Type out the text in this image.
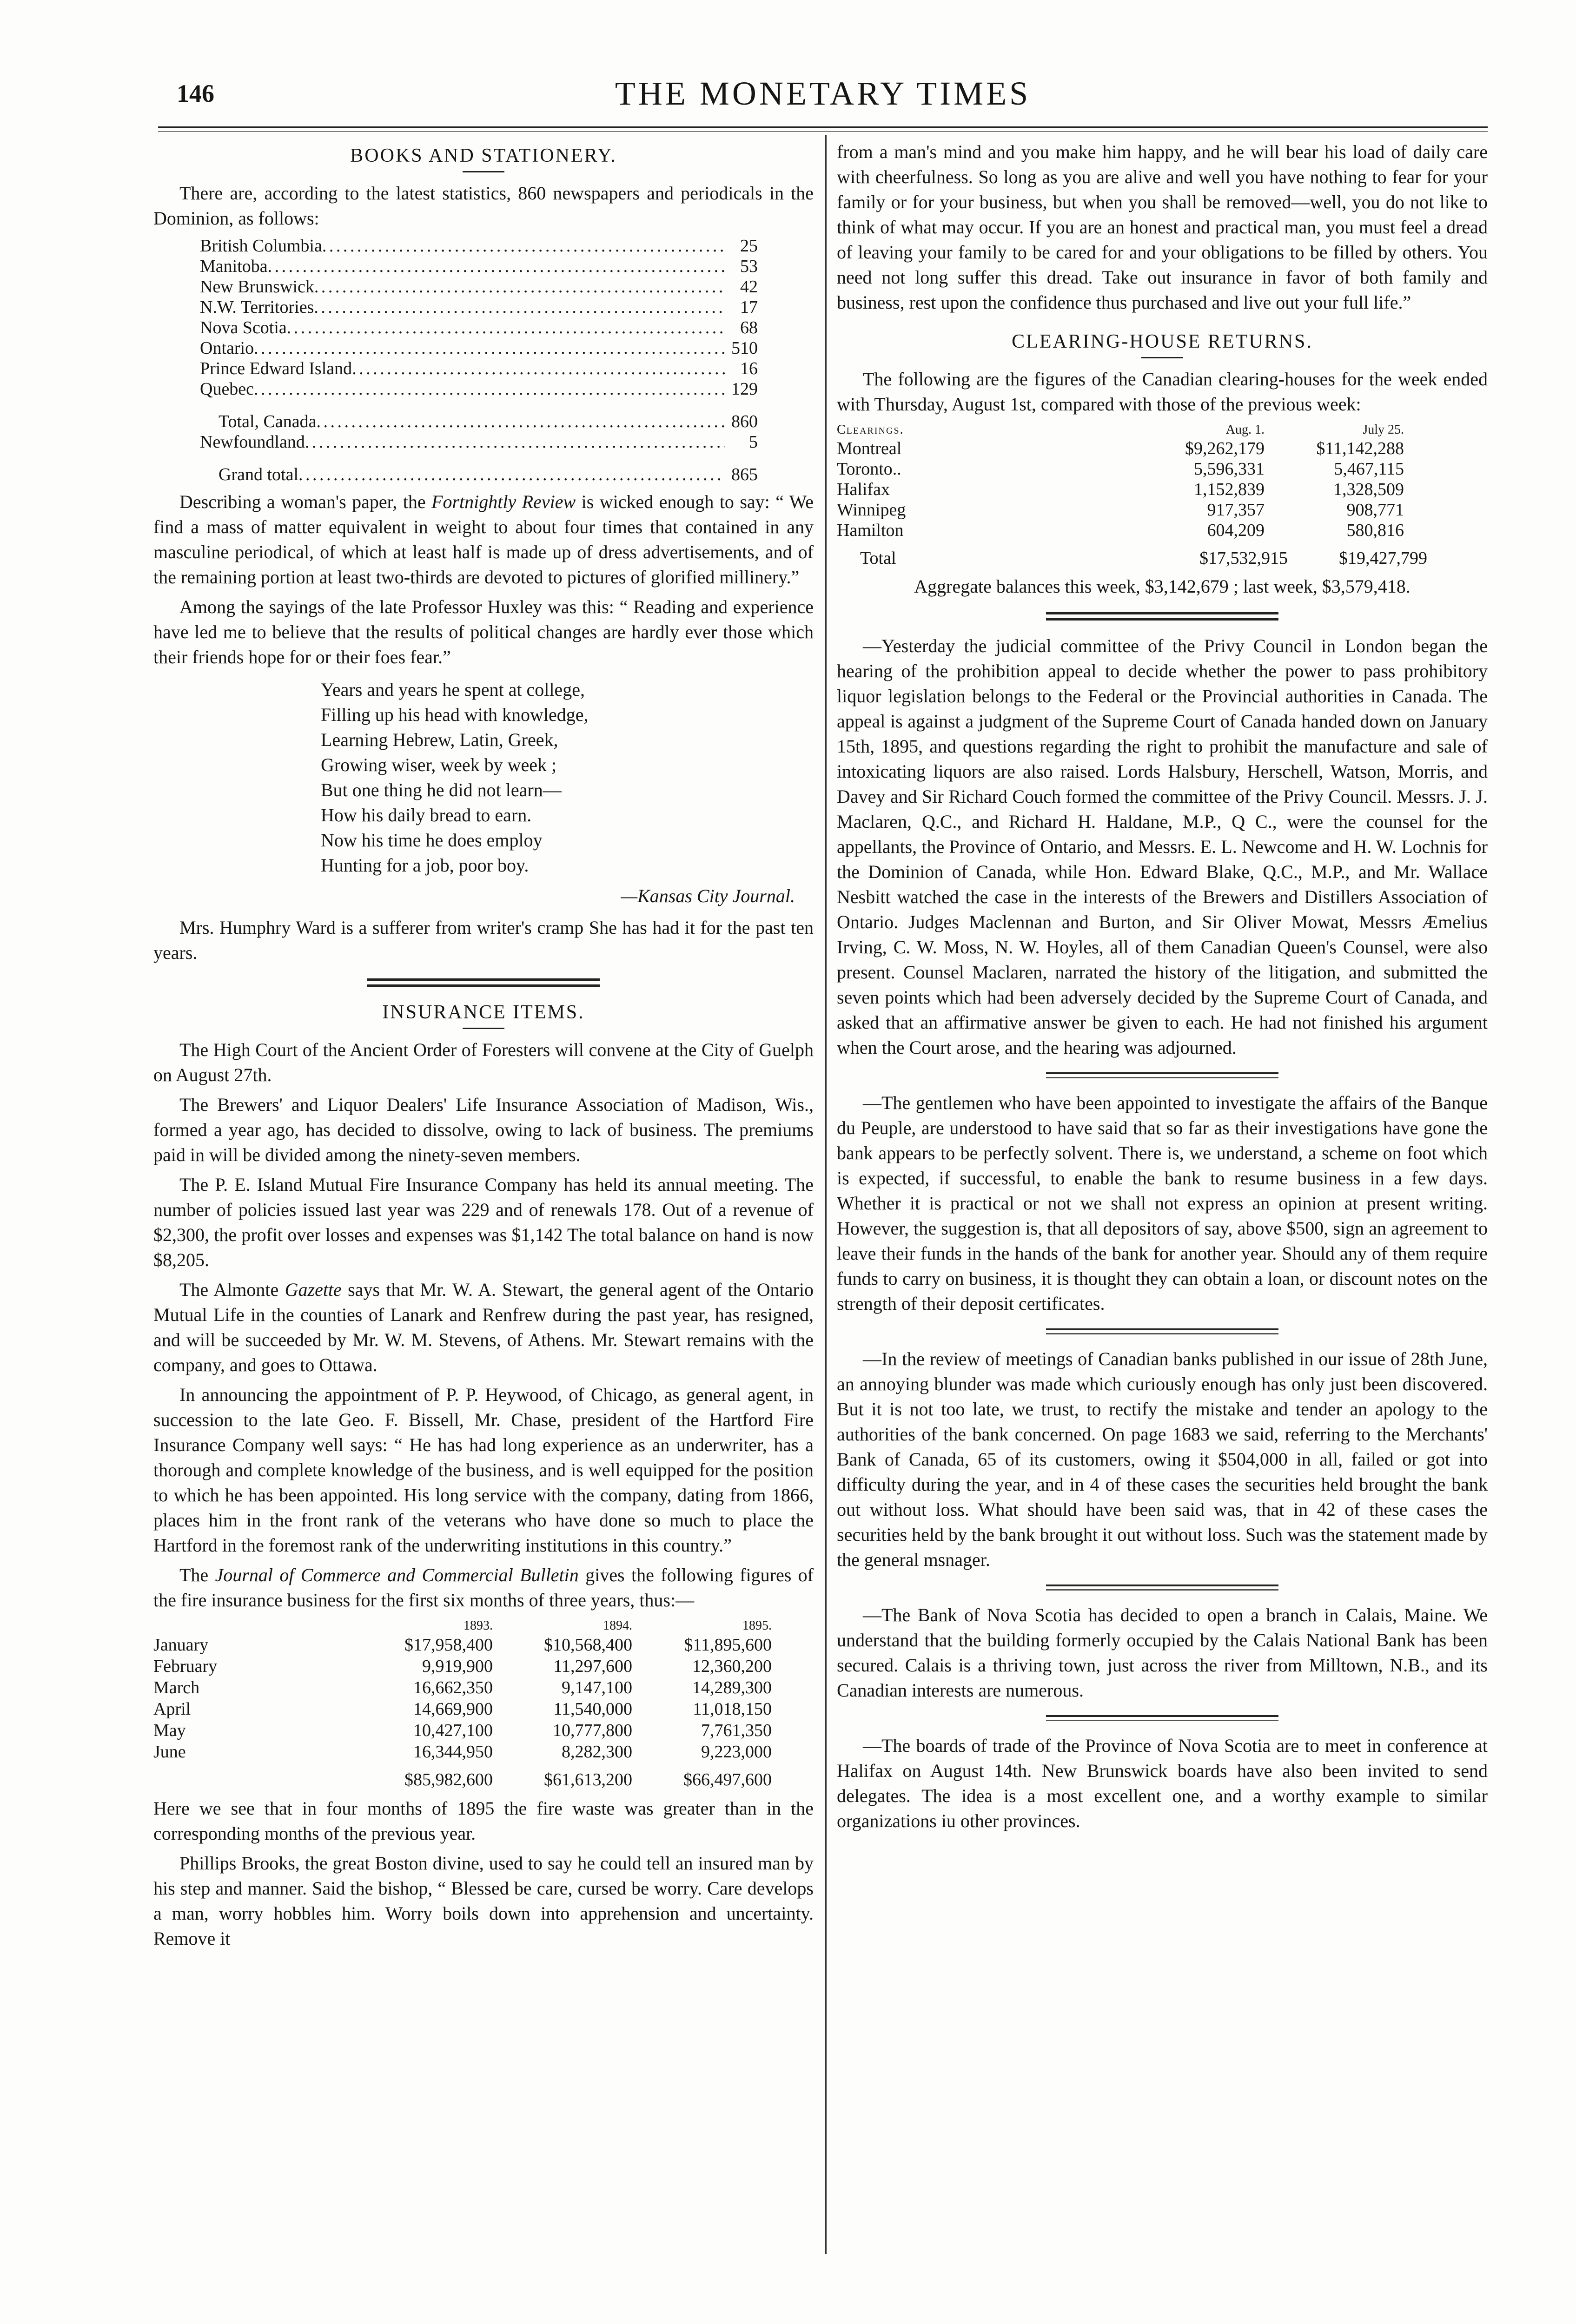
146	THE MONETARY TIMES
BOOKS AND STATIONERY.

There are, according to the latest statistics, 860 newspapers and periodicals in the Dominion, as follows:

British Columbia . . .	25
Manitoba . . .	53
New Brunswick . . .	42
N.W. Territories . . .	17
Nova Scotia . . .	68
Ontario . . .	510
Prince Edward Island . . .	16
Quebec . . .	129
Total, Canada . . .	860
Newfoundland . . .	5
Grand total . . .	865

Describing a woman's paper, the Fortnightly Review is wicked enough to say: “ We find a mass of matter equivalent in weight to about four times that contained in any masculine periodical, of which at least half is made up of dress advertisements, and of the remaining portion at least two-thirds are devoted to pictures of glorified millinery.”

Among the sayings of the late Professor Huxley was this: “ Reading and experience have led me to believe that the results of political changes are hardly ever those which their friends hope for or their foes fear.”

Years and years he spent at college,
Filling up his head with knowledge,
Learning Hebrew, Latin, Greek,
Growing wiser, week by week ;
But one thing he did not learn—
How his daily bread to earn.
Now his time he does employ
Hunting for a job, poor boy.
—Kansas City Journal.

Mrs. Humphry Ward is a sufferer from writer's cramp She has had it for the past ten years.

INSURANCE ITEMS.

The High Court of the Ancient Order of Foresters will convene at the City of Guelph on August 27th.

The Brewers' and Liquor Dealers' Life Insurance Association of Madison, Wis., formed a year ago, has decided to dissolve, owing to lack of business. The premiums paid in will be divided among the ninety-seven members.

The P. E. Island Mutual Fire Insurance Company has held its annual meeting. The number of policies issued last year was 229 and of renewals 178. Out of a revenue of $2,300, the profit over losses and expenses was $1,142 The total balance on hand is now $8,205.

The Almonte Gazette says that Mr. W. A. Stewart, the general agent of the Ontario Mutual Life in the counties of Lanark and Renfrew during the past year, has resigned, and will be succeeded by Mr. W. M. Stevens, of Athens. Mr. Stewart remains with the company, and goes to Ottawa.

In announcing the appointment of P. P. Heywood, of Chicago, as general agent, in succession to the late Geo. F. Bissell, Mr. Chase, president of the Hartford Fire Insurance Company well says: “ He has had long experience as an underwriter, has a thorough and complete knowledge of the business, and is well equipped for the position to which he has been appointed. His long service with the company, dating from 1866, places him in the front rank of the veterans who have done so much to place the Hartford in the foremost rank of the underwriting institutions in this country.”

The Journal of Commerce and Commercial Bulletin gives the following figures of the fire insurance business for the first six months of three years, thus:—

1893.	1894.	1895.
January	$17,958,400	$10,568,400	$11,895,600
February	9,919,900	11,297,600	12,360,200
March	16,662,350	9,147,100	14,289,300
April	14,669,900	11,540,000	11,018,150
May	10,427,100	10,777,800	7,761,350
June	16,344,950	8,282,300	9,223,000
$85,982,600	$61,613,200	$66,497,600

Here we see that in four months of 1895 the fire waste was greater than in the corresponding months of the previous year.

Phillips Brooks, the great Boston divine, used to say he could tell an insured man by his step and manner. Said the bishop, “ Blessed be care, cursed be worry. Care develops a man, worry hobbles him. Worry boils down into apprehension and uncertainty. Remove it

from a man's mind and you make him happy, and he will bear his load of daily care with cheerfulness. So long as you are alive and well you have nothing to fear for your family or for your business, but when you shall be removed—well, you do not like to think of what may occur. If you are an honest and practical man, you must feel a dread of leaving your family to be cared for and your obligations to be filled by others. You need not long suffer this dread. Take out insurance in favor of both family and business, rest upon the confidence thus purchased and live out your full life.”

CLEARING-HOUSE RETURNS.

The following are the figures of the Canadian clearing-houses for the week ended with Thursday, August 1st, compared with those of the previous week:

Clearings.	Aug. 1.	July 25.
Montreal	$9,262,179	$11,142,288
Toronto..	5,596,331	5,467,115
Halifax	1,152,839	1,328,509
Winnipeg	917,357	908,771
Hamilton	604,209	580,816
Total	$17,532,915	$19,427,799
Aggregate balances this week, $3,142,679 ; last week, $3,579,418.

—Yesterday the judicial committee of the Privy Council in London began the hearing of the prohibition appeal to decide whether the power to pass prohibitory liquor legislation belongs to the Federal or the Provincial authorities in Canada. The appeal is against a judgment of the Supreme Court of Canada handed down on January 15th, 1895, and questions regarding the right to prohibit the manufacture and sale of intoxicating liquors are also raised. Lords Halsbury, Herschell, Watson, Morris, and Davey and Sir Richard Couch formed the committee of the Privy Council. Messrs. J. J. Maclaren, Q.C., and Richard H. Haldane, M.P., Q C., were the counsel for the appellants, the Province of Ontario, and Messrs. E. L. Newcome and H. W. Lochnis for the Dominion of Canada, while Hon. Edward Blake, Q.C., M.P., and Mr. Wallace Nesbitt watched the case in the interests of the Brewers and Distillers Association of Ontario. Judges Maclennan and Burton, and Sir Oliver Mowat, Messrs Æmelius Irving, C. W. Moss, N. W. Hoyles, all of them Canadian Queen's Counsel, were also present. Counsel Maclaren, narrated the history of the litigation, and submitted the seven points which had been adversely decided by the Supreme Court of Canada, and asked that an affirmative answer be given to each. He had not finished his argument when the Court arose, and the hearing was adjourned.

—The gentlemen who have been appointed to investigate the affairs of the Banque du Peuple, are understood to have said that so far as their investigations have gone the bank appears to be perfectly solvent. There is, we understand, a scheme on foot which is expected, if successful, to enable the bank to resume business in a few days. Whether it is practical or not we shall not express an opinion at present writing. However, the suggestion is, that all depositors of say, above $500, sign an agreement to leave their funds in the hands of the bank for another year. Should any of them require funds to carry on business, it is thought they can obtain a loan, or discount notes on the strength of their deposit certificates.

—In the review of meetings of Canadian banks published in our issue of 28th June, an annoying blunder was made which curiously enough has only just been discovered. But it is not too late, we trust, to rectify the mistake and tender an apology to the authorities of the bank concerned. On page 1683 we said, referring to the Merchants' Bank of Canada, 65 of its customers, owing it $504,000 in all, failed or got into difficulty during the year, and in 4 of these cases the securities held brought the bank out without loss. What should have been said was, that in 42 of these cases the securities held by the bank brought it out without loss. Such was the statement made by the general msnager.

—The Bank of Nova Scotia has decided to open a branch in Calais, Maine. We understand that the building formerly occupied by the Calais National Bank has been secured. Calais is a thriving town, just across the river from Milltown, N.B., and its Canadian interests are numerous.

—The boards of trade of the Province of Nova Scotia are to meet in conference at Halifax on August 14th. New Brunswick boards have also been invited to send delegates. The idea is a most excellent one, and a worthy example to similar organizations iu other provinces.
